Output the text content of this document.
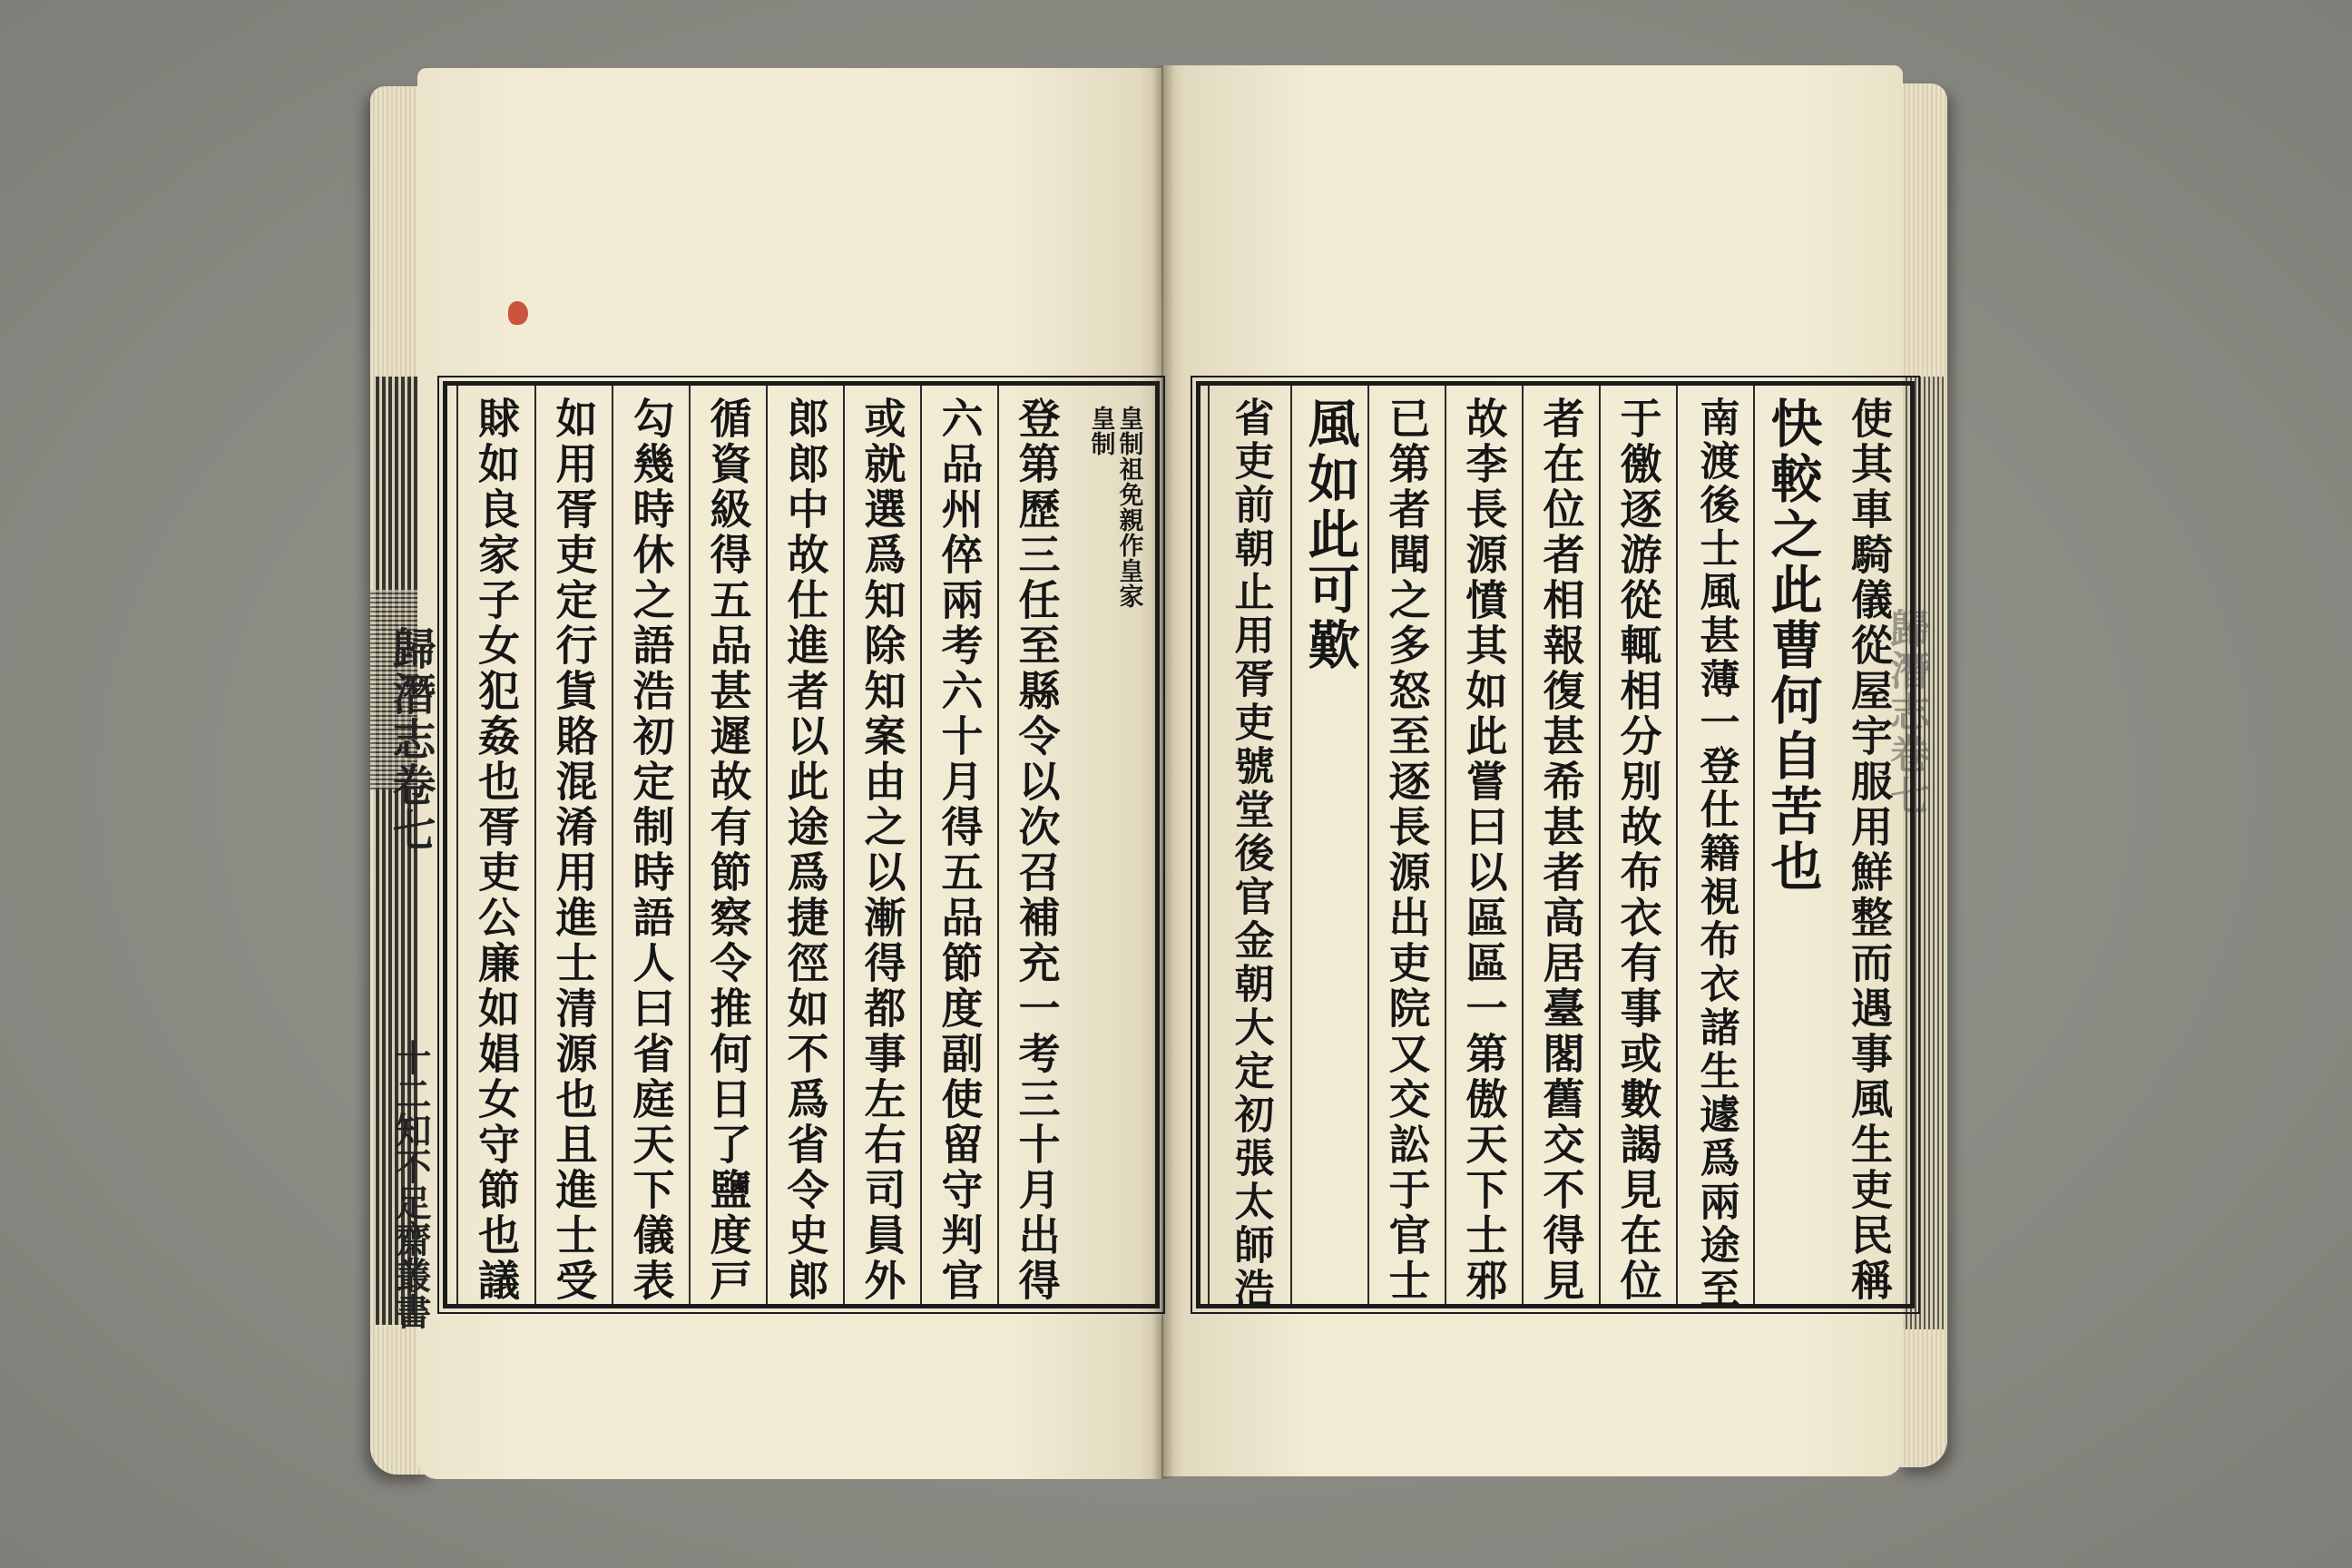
歸潛志卷七
十二知不足齋叢書
歸潛志卷七
皇制祖免親作皇家
皇制
登第歷三任至縣令以次召補充一考三十月出得
六品州倅兩考六十月得五品節度副使留守判官
或就選爲知除知案由之以漸得都事左右司員外
郎郎中故仕進者以此途爲捷徑如不爲省令史郎
循資級得五品甚遲故有節察令推何日了鹽度戸
勾幾時休之語浩初定制時語人曰省庭天下儀表
如用胥吏定行貨賂混淆用進士清源也且進士受
賕如良家子女犯姦也胥吏公廉如娼女守節也議	使其車騎儀從屋宇服用鮮整而遇事風生吏民稱
快較之此曹何自苦也
南渡後士風甚薄一登仕籍視布衣諸生遽爲兩途至
于徼逐游從輒相分別故布衣有事或數謁見在位
者在位者相報復甚希甚者高居臺閣舊交不得見
故李長源憤其如此嘗曰以區區一第傲天下士邪
已第者聞之多怒至逐長源出吏院又交訟于官士
風如此可歎
省吏前朝止用胥吏號堂後官金朝大定初張太師浩
